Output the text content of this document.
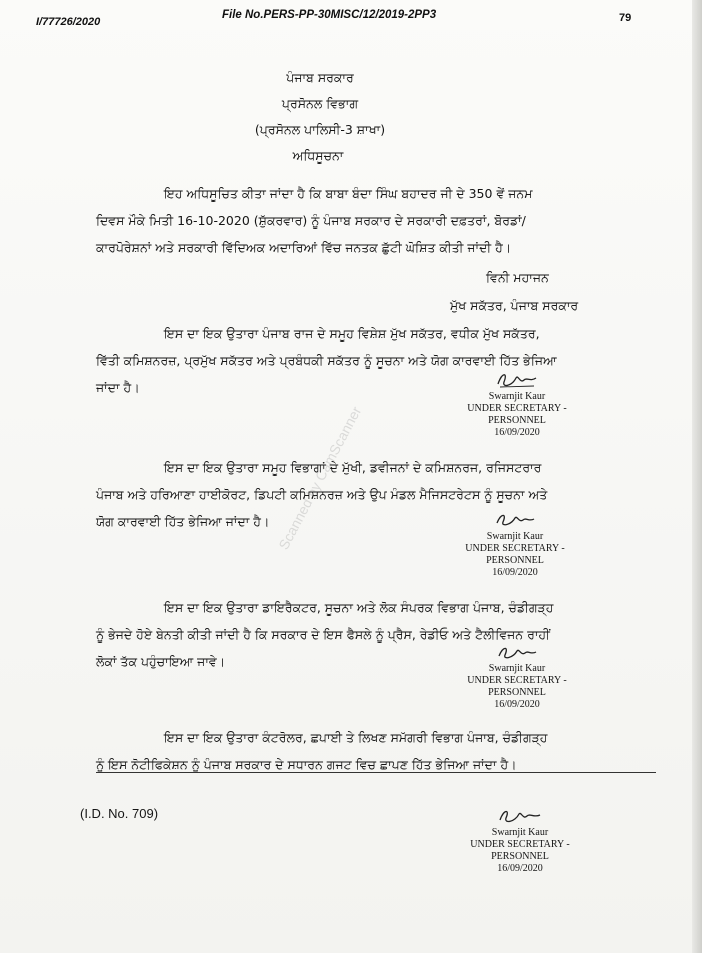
I/77726/2020
File No.PERS-PP-30MISC/12/2019-2PP3	79
ਪੰਜਾਬ ਸਰਕਾਰ
ਪ੍ਰਸੋਨਲ ਵਿਭਾਗ
(ਪ੍ਰਸੋਨਲ ਪਾਲਿਸੀ-3 ਸ਼ਾਖਾ)
ਅਧਿਸੂਚਨਾ
ਇਹ ਅਧਿਸੂਚਿਤ ਕੀਤਾ ਜਾਂਦਾ ਹੈ ਕਿ ਬਾਬਾ ਬੰਦਾ ਸਿੰਘ ਬਹਾਦਰ ਜੀ ਦੇ 350 ਵੇਂ ਜਨਮ
ਦਿਵਸ ਮੌਕੇ ਮਿਤੀ 16-10-2020 (ਸ਼ੁੱਕਰਵਾਰ) ਨੂੰ ਪੰਜਾਬ ਸਰਕਾਰ ਦੇ ਸਰਕਾਰੀ ਦਫ਼ਤਰਾਂ, ਬੋਰਡਾਂ/
ਕਾਰਪੋਰੇਸ਼ਨਾਂ ਅਤੇ ਸਰਕਾਰੀ ਵਿੱਦਿਅਕ ਅਦਾਰਿਆਂ ਵਿੱਚ ਜਨਤਕ ਛੁੱਟੀ ਘੋਸ਼ਿਤ ਕੀਤੀ ਜਾਂਦੀ ਹੈ।
ਵਿਨੀ ਮਹਾਜਨ
ਮੁੱਖ ਸਕੱਤਰ, ਪੰਜਾਬ ਸਰਕਾਰ
ਇਸ ਦਾ ਇਕ ਉਤਾਰਾ ਪੰਜਾਬ ਰਾਜ ਦੇ ਸਮੂਹ ਵਿਸ਼ੇਸ਼ ਮੁੱਖ ਸਕੱਤਰ, ਵਧੀਕ ਮੁੱਖ ਸਕੱਤਰ,
ਵਿੱਤੀ ਕਮਿਸ਼ਨਰਜ਼, ਪ੍ਰਮੁੱਖ ਸਕੱਤਰ ਅਤੇ ਪ੍ਰਬੰਧਕੀ ਸਕੱਤਰ ਨੂੰ ਸੂਚਨਾ ਅਤੇ ਯੋਗ ਕਾਰਵਾਈ ਹਿੱਤ ਭੇਜਿਆ
ਜਾਂਦਾ ਹੈ।
Swarnjit Kaur
UNDER SECRETARY -
PERSONNEL
16/09/2020
ਇਸ ਦਾ ਇਕ ਉਤਾਰਾ ਸਮੂਹ ਵਿਭਾਗਾਂ ਦੇ ਮੁੱਖੀ, ਡਵੀਜਨਾਂ ਦੇ ਕਮਿਸ਼ਨਰਜ, ਰਜਿਸਟਰਾਰ
ਪੰਜਾਬ ਅਤੇ ਹਰਿਆਣਾ ਹਾਈਕੋਰਟ, ਡਿਪਟੀ ਕਮਿਸ਼ਨਰਜ਼ ਅਤੇ ਉਪ ਮੰਡਲ ਮੈਜਿਸਟਰੇਟਸ ਨੂੰ ਸੂਚਨਾ ਅਤੇ
ਯੋਗ ਕਾਰਵਾਈ ਹਿੱਤ ਭੇਜਿਆ ਜਾਂਦਾ ਹੈ।
Swarnjit Kaur
UNDER SECRETARY -
PERSONNEL
16/09/2020
ਇਸ ਦਾ ਇਕ ਉਤਾਰਾ ਡਾਇਰੈਕਟਰ, ਸੂਚਨਾ ਅਤੇ ਲੋਕ ਸੰਪਰਕ ਵਿਭਾਗ ਪੰਜਾਬ, ਚੰਡੀਗੜ੍ਹ
ਨੂੰ ਭੇਜਦੇ ਹੋਏ ਬੇਨਤੀ ਕੀਤੀ ਜਾਂਦੀ ਹੈ ਕਿ ਸਰਕਾਰ ਦੇ ਇਸ ਫੈਸਲੇ ਨੂੰ ਪ੍ਰੈਸ, ਰੇਡੀਓ ਅਤੇ ਟੈਲੀਵਿਜਨ ਰਾਹੀਂ
ਲੋਕਾਂ ਤੱਕ ਪਹੁੰਚਾਇਆ ਜਾਵੇ।	Swarnjit Kaur
UNDER SECRETARY -
PERSONNEL
16/09/2020
ਇਸ ਦਾ ਇਕ ਉਤਾਰਾ ਕੰਟਰੋਲਰ, ਛਪਾਈ ਤੇ ਲਿਖਣ ਸਮੱਗਰੀ ਵਿਭਾਗ ਪੰਜਾਬ, ਚੰਡੀਗੜ੍ਹ
ਨੂੰ ਇਸ ਨੋਟੀਫਿਕੇਸ਼ਨ ਨੂੰ ਪੰਜਾਬ ਸਰਕਾਰ ਦੇ ਸਧਾਰਨ ਗਜਟ ਵਿਚ ਛਾਪਣ ਹਿੱਤ ਭੇਜਿਆ ਜਾਂਦਾ ਹੈ।
(I.D. No. 709)
Swarnjit Kaur
UNDER SECRETARY -
PERSONNEL
16/09/2020
Scanned by CamScanner
